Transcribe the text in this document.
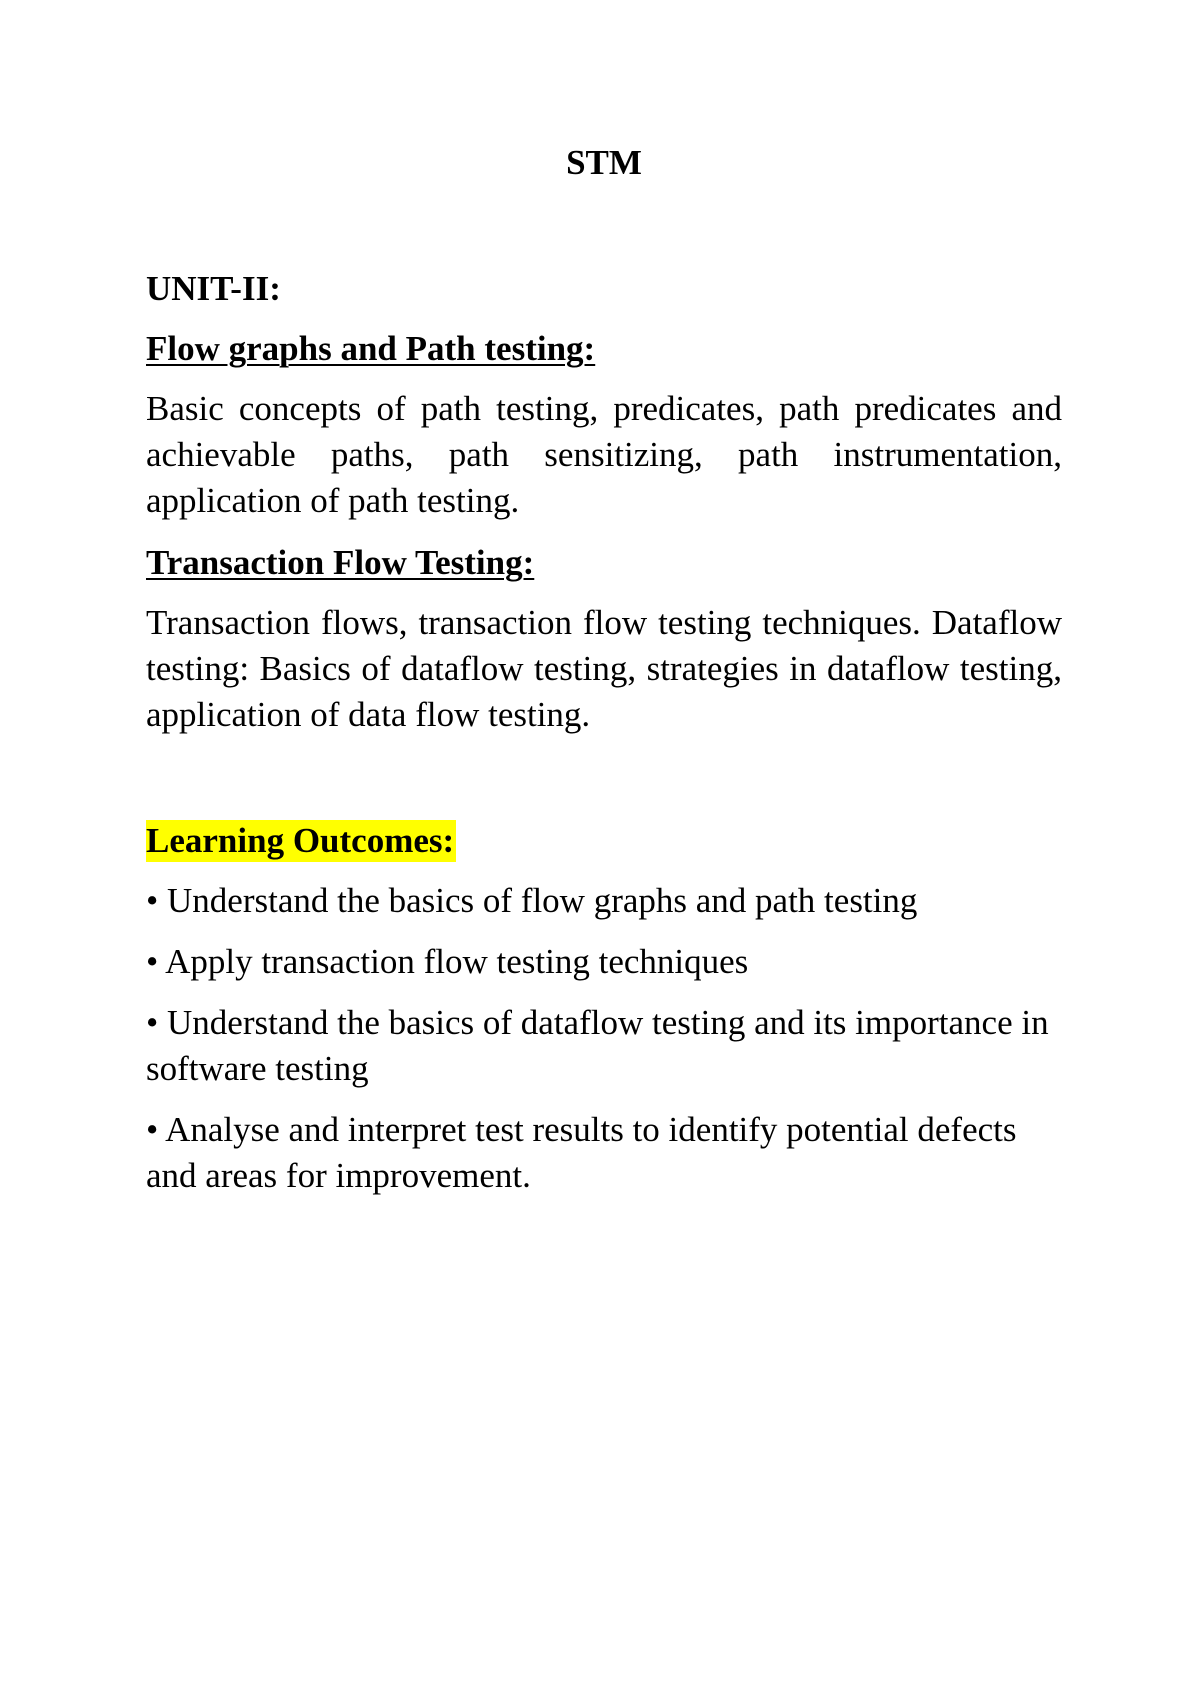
STM
UNIT-II:
Flow graphs and Path testing:
Basic concepts of path testing, predicates, path predicates and achievable paths, path sensitizing, path instrumentation, application of path testing.
Transaction Flow Testing:
Transaction flows, transaction flow testing techniques. Dataflow testing: Basics of dataflow testing, strategies in dataflow testing, application of data flow testing.
Learning Outcomes:
• Understand the basics of flow graphs and path testing
• Apply transaction flow testing techniques
• Understand the basics of dataflow testing and its importance in software testing
• Analyse and interpret test results to identify potential defects and areas for improvement.
